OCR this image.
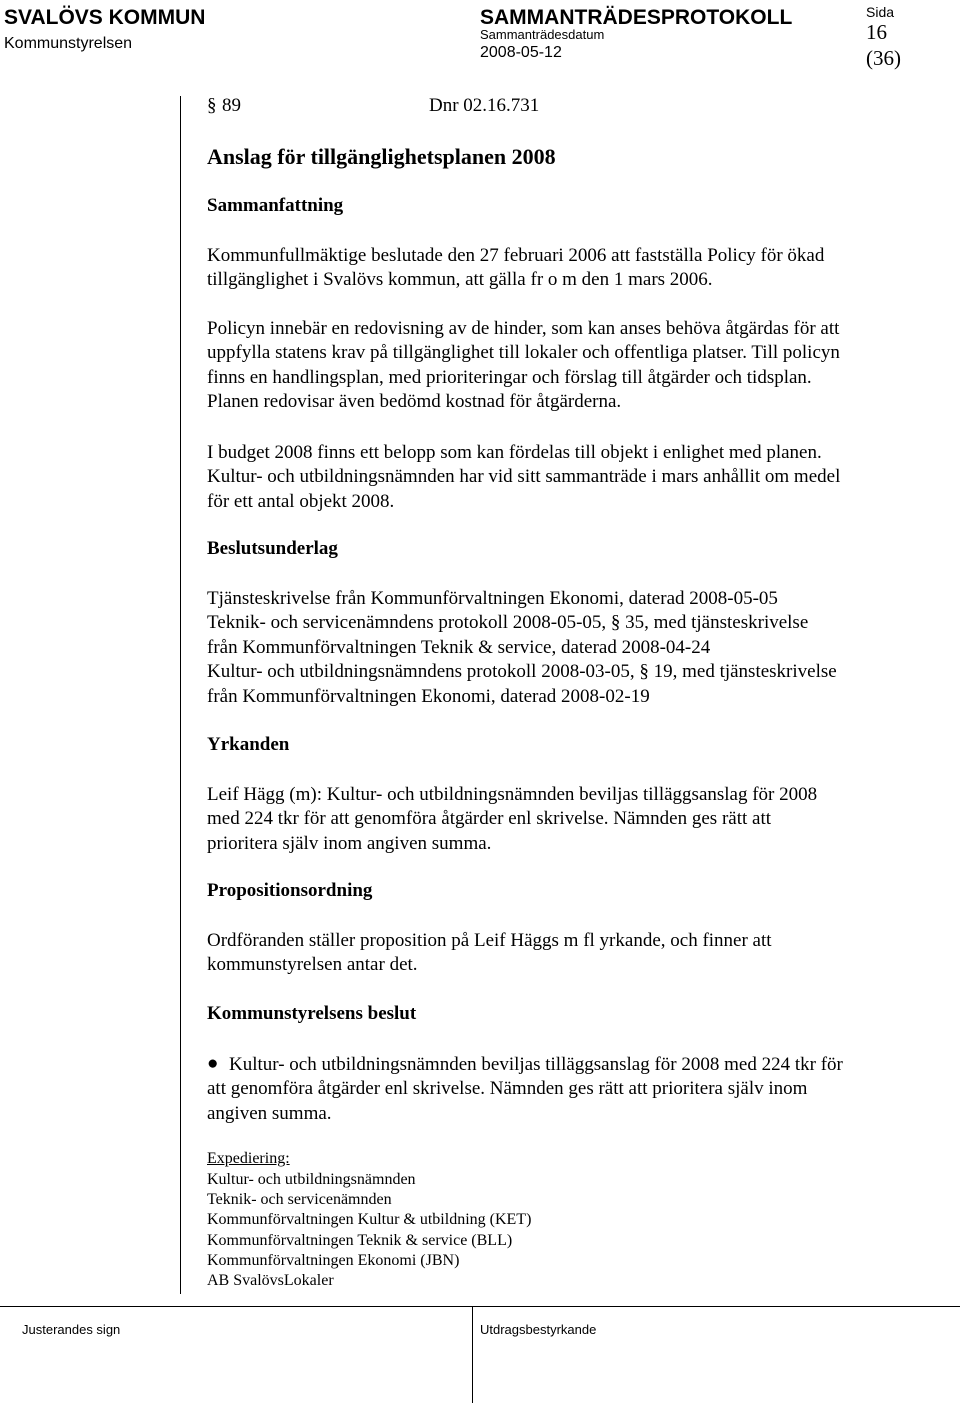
SVALÖVS KOMMUN
Kommunstyrelsen
SAMMANTRÄDESPROTOKOLL
Sammanträdesdatum
2008-05-12
Sida
16
(36)
§ 89	Dnr 02.16.731
Anslag för tillgänglighetsplanen 2008
Sammanfattning
Kommunfullmäktige beslutade den 27 februari 2006 att fastställa Policy för ökad
tillgänglighet i Svalövs kommun, att gälla fr o m den 1 mars 2006.
Policyn innebär en redovisning av de hinder, som kan anses behöva åtgärdas för att
uppfylla statens krav på tillgänglighet till lokaler och offentliga platser. Till policyn
finns en handlingsplan, med prioriteringar och förslag till åtgärder och tidsplan.
Planen redovisar även bedömd kostnad för åtgärderna.
I budget 2008 finns ett belopp som kan fördelas till objekt i enlighet med planen.
Kultur- och utbildningsnämnden har vid sitt sammanträde i mars anhållit om medel
för ett antal objekt 2008.
Beslutsunderlag
Tjänsteskrivelse från Kommunförvaltningen Ekonomi, daterad 2008-05-05
Teknik- och servicenämndens protokoll 2008-05-05, § 35, med tjänsteskrivelse
från Kommunförvaltningen Teknik & service, daterad 2008-04-24
Kultur- och utbildningsnämndens protokoll 2008-03-05, § 19, med tjänsteskrivelse
från Kommunförvaltningen Ekonomi, daterad 2008-02-19
Yrkanden
Leif Hägg (m): Kultur- och utbildningsnämnden beviljas tilläggsanslag för 2008
med 224 tkr för att genomföra åtgärder enl skrivelse. Nämnden ges rätt att
prioritera själv inom angiven summa.
Propositionsordning
Ordföranden ställer proposition på Leif Häggs m fl yrkande, och finner att
kommunstyrelsen antar det.
Kommunstyrelsens beslut
● Kultur- och utbildningsnämnden beviljas tilläggsanslag för 2008 med 224 tkr för
att genomföra åtgärder enl skrivelse. Nämnden ges rätt att prioritera själv inom
angiven summa.
Expediering:
Kultur- och utbildningsnämnden
Teknik- och servicenämnden
Kommunförvaltningen Kultur & utbildning (KET)
Kommunförvaltningen Teknik & service (BLL)
Kommunförvaltningen Ekonomi (JBN)
AB SvalövsLokaler
Justerandes sign	Utdragsbestyrkande
